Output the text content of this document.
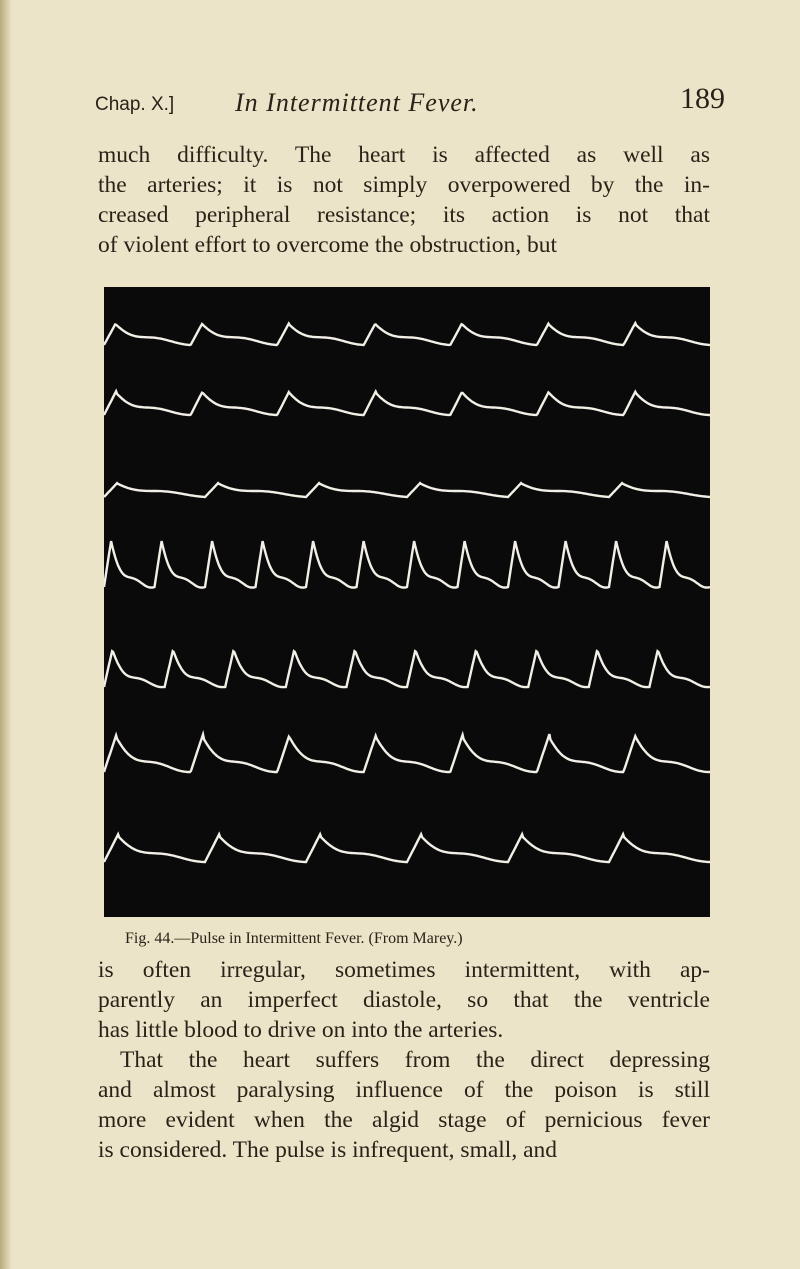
Chap. X.] In Intermittent Fever.	189

much difficulty. The heart is affected as well as
the arteries; it is not simply overpowered by the in-
creased peripheral resistance; its action is not that
of violent effort to overcome the obstruction, but

Fig. 44.—Pulse in Intermittent Fever. (From Marey.)

is often irregular, sometimes intermittent, with ap-
parently an imperfect diastole, so that the ventricle
has little blood to drive on into the arteries.

That the heart suffers from the direct depressing
and almost paralysing influence of the poison is still
more evident when the algid stage of pernicious fever
is considered. The pulse is infrequent, small, and
